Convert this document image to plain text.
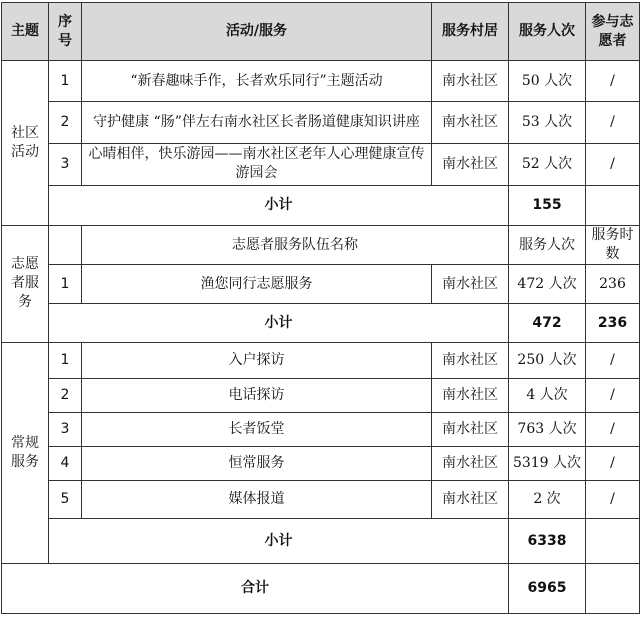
主题	序号	活动/服务	服务村居	服务人次	参与志愿者
社区活动	1	“新春趣味手作，长者欢乐同行”主题活动	南水社区	50 人次	/
	2	守护健康 “肠”伴左右南水社区长者肠道健康知识讲座	南水社区	53 人次	/
	3	心晴相伴，快乐游园——南水社区老年人心理健康宣传游园会	南水社区	52 人次	/
	小计			155	
志愿者服务		志愿者服务队伍名称		服务人次	服务时数
	1	渔您同行志愿服务	南水社区	472 人次	236
	小计			472	236
常规服务	1	入户探访	南水社区	250 人次	/
	2	电话探访	南水社区	4 人次	/
	3	长者饭堂	南水社区	763 人次	/
	4	恒常服务	南水社区	5319 人次	/
	5	媒体报道	南水社区	2 次	/
	小计			6338	
合计				6965	
